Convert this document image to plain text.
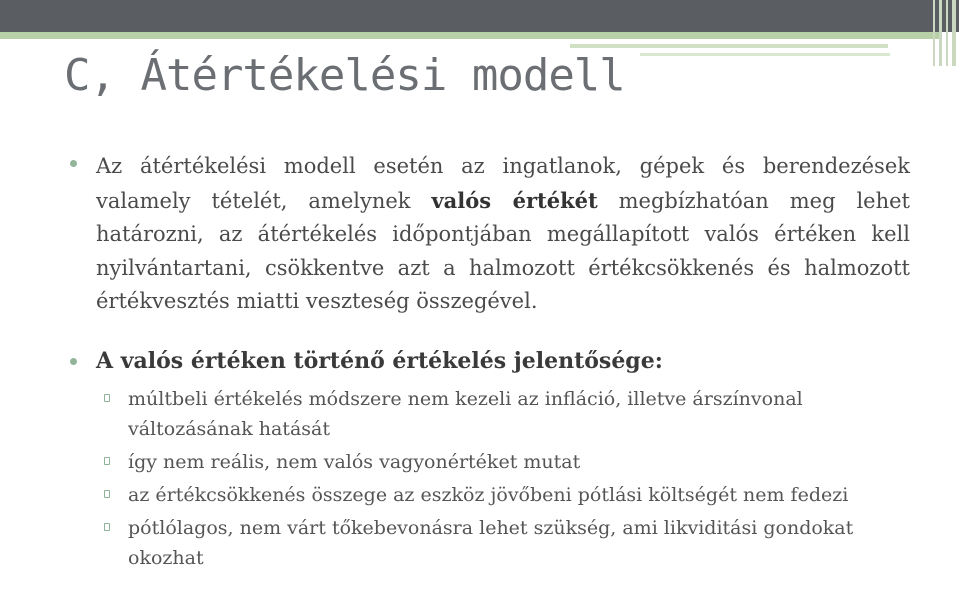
C, Átértékelési modell

Az átértékelési modell esetén az ingatlanok, gépek és berendezések valamely tételét, amelynek valós értékét megbízhatóan meg lehet határozni, az átértékelés időpontjában megállapított valós értéken kell nyilvántartani, csökkentve azt a halmozott értékcsökkenés és halmozott értékvesztés miatti veszteség összegével.

A valós értéken történő értékelés jelentősége:

múltbeli értékelés módszere nem kezeli az infláció, illetve árszínvonal változásának hatását
így nem reális, nem valós vagyonértéket mutat
az értékcsökkenés összege az eszköz jövőbeni pótlási költségét nem fedezi
pótlólagos, nem várt tőkebevonásra lehet szükség, ami likviditási gondokat okozhat
